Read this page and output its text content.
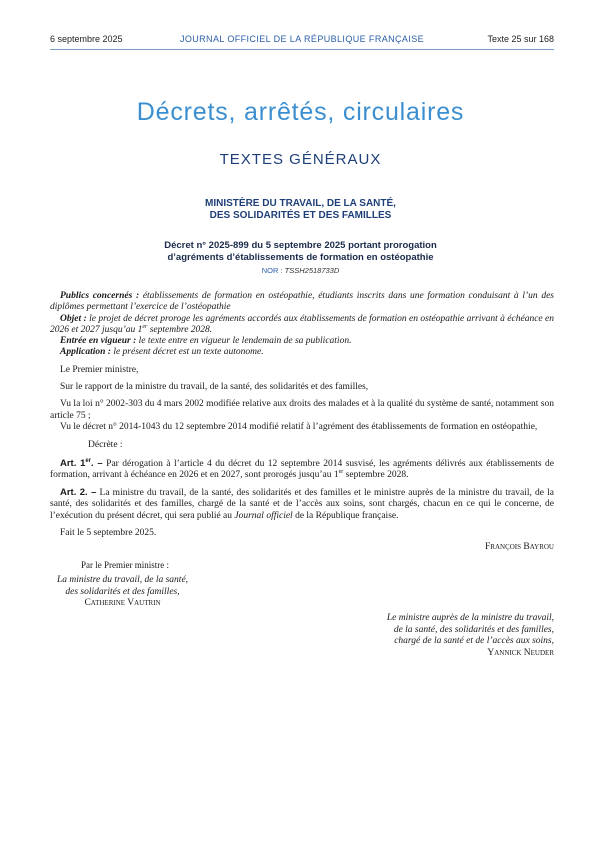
6 septembre 2025	JOURNAL OFFICIEL DE LA RÉPUBLIQUE FRANÇAISE	Texte 25 sur 168
Décrets, arrêtés, circulaires
TEXTES GÉNÉRAUX
MINISTÈRE DU TRAVAIL, DE LA SANTÉ,
DES SOLIDARITÉS ET DES FAMILLES
Décret n° 2025-899 du 5 septembre 2025 portant prorogation
d’agréments d’établissements de formation en ostéopathie
NOR : TSSH2518733D

Publics concernés : établissements de formation en ostéopathie, étudiants inscrits dans une formation conduisant à l’un des diplômes permettant l’exercice de l’ostéopathie

Objet : le projet de décret proroge les agréments accordés aux établissements de formation en ostéopathie arrivant à échéance en 2026 et 2027 jusqu’au 1er septembre 2028.

Entrée en vigueur : le texte entre en vigueur le lendemain de sa publication.

Application : le présent décret est un texte autonome.

Le Premier ministre,

Sur le rapport de la ministre du travail, de la santé, des solidarités et des familles,

Vu la loi n° 2002-303 du 4 mars 2002 modifiée relative aux droits des malades et à la qualité du système de santé, notamment son article 75 ;

Vu le décret n° 2014-1043 du 12 septembre 2014 modifié relatif à l’agrément des établissements de formation en ostéopathie,

Décrète :

Art. 1er. – Par dérogation à l’article 4 du décret du 12 septembre 2014 susvisé, les agréments délivrés aux établissements de formation, arrivant à échéance en 2026 et en 2027, sont prorogés jusqu’au 1er septembre 2028.

Art. 2. – La ministre du travail, de la santé, des solidarités et des familles et le ministre auprès de la ministre du travail, de la santé, des solidarités et des familles, chargé de la santé et de l’accès aux soins, sont chargés, chacun en ce qui le concerne, de l’exécution du présent décret, qui sera publié au Journal officiel de la République française.

Fait le 5 septembre 2025.

François Bayrou
Par le Premier ministre :
La ministre du travail, de la santé,
des solidarités et des familles,
Catherine Vautrin
Le ministre auprès de la ministre du travail,
de la santé, des solidarités et des familles,
chargé de la santé et de l’accès aux soins,
Yannick Neuder
